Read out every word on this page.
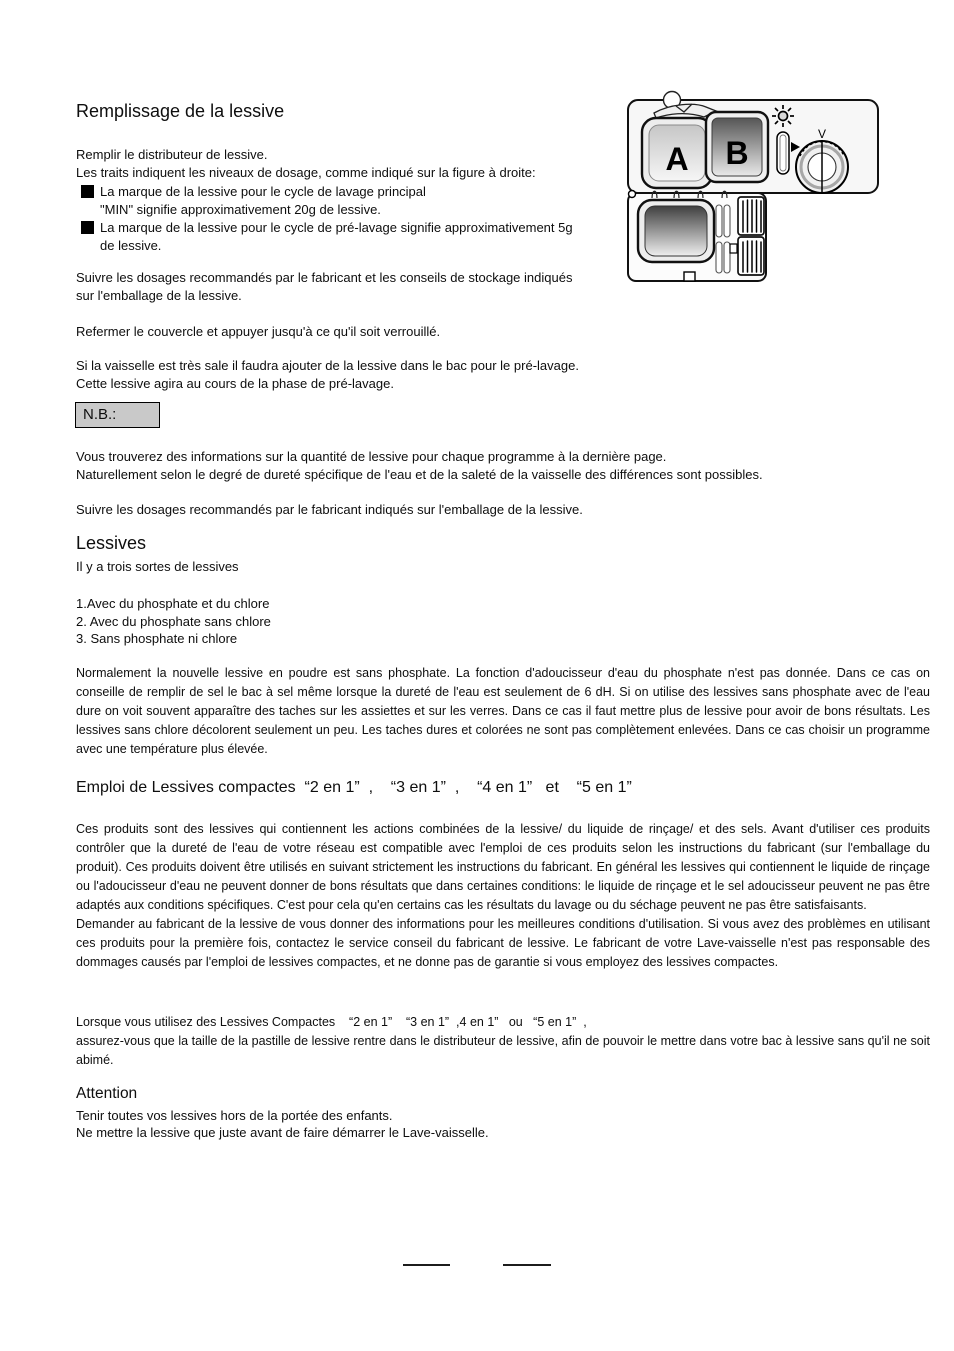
Remplissage de la lessive
Remplir le distributeur de lessive.
Les traits indiquent les niveaux de dosage, comme indiqué sur la figure à droite:
La marque de la lessive pour le cycle de lavage principal
"MIN" signifie approximativement 20g de lessive.
La marque de la lessive pour le cycle de pré-lavage signifie approximativement 5g
de lessive.
Suivre les dosages recommandés par le fabricant et les conseils de stockage indiqués
sur l'emballage de la lessive.
Refermer le couvercle et appuyer jusqu'à ce qu'il soit verrouillé.
Si la vaisselle est très sale il faudra ajouter de la lessive dans le bac pour le pré-lavage.
Cette lessive agira au cours de la phase de pré-lavage.
N.B.:
Vous trouverez des informations sur la quantité de lessive pour chaque programme à la dernière page.
Naturellement selon le degré de dureté spécifique de l'eau et de la saleté de la vaisselle des différences sont possibles.
Suivre les dosages recommandés par le fabricant indiqués sur l'emballage de la lessive.
Lessives
Il y a trois sortes de lessives
1.Avec du phosphate et du chlore
2. Avec du phosphate sans chlore
3. Sans phosphate ni chlore
Normalement la nouvelle lessive en poudre est sans phosphate. La fonction d'adoucisseur d'eau du phosphate n'est pas donnée. Dans ce cas on conseille de remplir de sel le bac à sel même lorsque la dureté de l'eau est seulement de 6 dH. Si on utilise des lessives sans phosphate avec de l'eau dure on voit souvent apparaître des taches sur les assiettes et sur les verres. Dans ce cas il faut mettre plus de lessive pour avoir de bons résultats. Les lessives sans chlore décolorent seulement un peu. Les taches dures et colorées ne sont pas complètement enlevées. Dans ce cas choisir un programme avec une température plus élevée.
Emploi de Lessives compactes  “2 en 1”  ,    “3 en 1”  ,    “4 en 1”   et    “5 en 1”

Ces produits sont des lessives qui contiennent les actions combinées de la lessive/ du liquide de rinçage/ et des sels. Avant d'utiliser ces produits contrôler que la dureté de l'eau de votre réseau est compatible avec l'emploi de ces produits selon les instructions du fabricant (sur l'emballage du produit). Ces produits doivent être utilisés en suivant strictement les instructions du fabricant. En général les lessives qui contiennent le liquide de rinçage ou l'adoucisseur d'eau ne peuvent donner de bons résultats que dans certaines conditions: le liquide de rinçage et le sel adoucisseur peuvent ne pas être adaptés aux conditions spécifiques. C'est pour cela qu'en certains cas les résultats du lavage ou du séchage peuvent ne pas être satisfaisants.

Demander au fabricant de la lessive de vous donner des informations pour les meilleures conditions d'utilisation. Si vous avez des problèmes en utilisant ces produits pour la première fois, contactez le service conseil du fabricant de lessive. Le fabricant de votre Lave-vaisselle n'est pas responsable des dommages causés par l'emploi de lessives compactes, et ne donne pas de garantie si vous employez des lessives compactes.

Lorsque vous utilisez des Lessives Compactes    “2 en 1”    “3 en 1”  ,4 en 1”   ou   “5 en 1”  ,
assurez-vous que la taille de la pastille de lessive rentre dans le distributeur de lessive, afin de pouvoir le mettre dans votre bac à lessive sans qu'il ne soit abimé.
Attention
Tenir toutes vos lessives hors de la portée des enfants.
Ne mettre la lessive que juste avant de faire démarrer le Lave-vaisselle.
A B
V
